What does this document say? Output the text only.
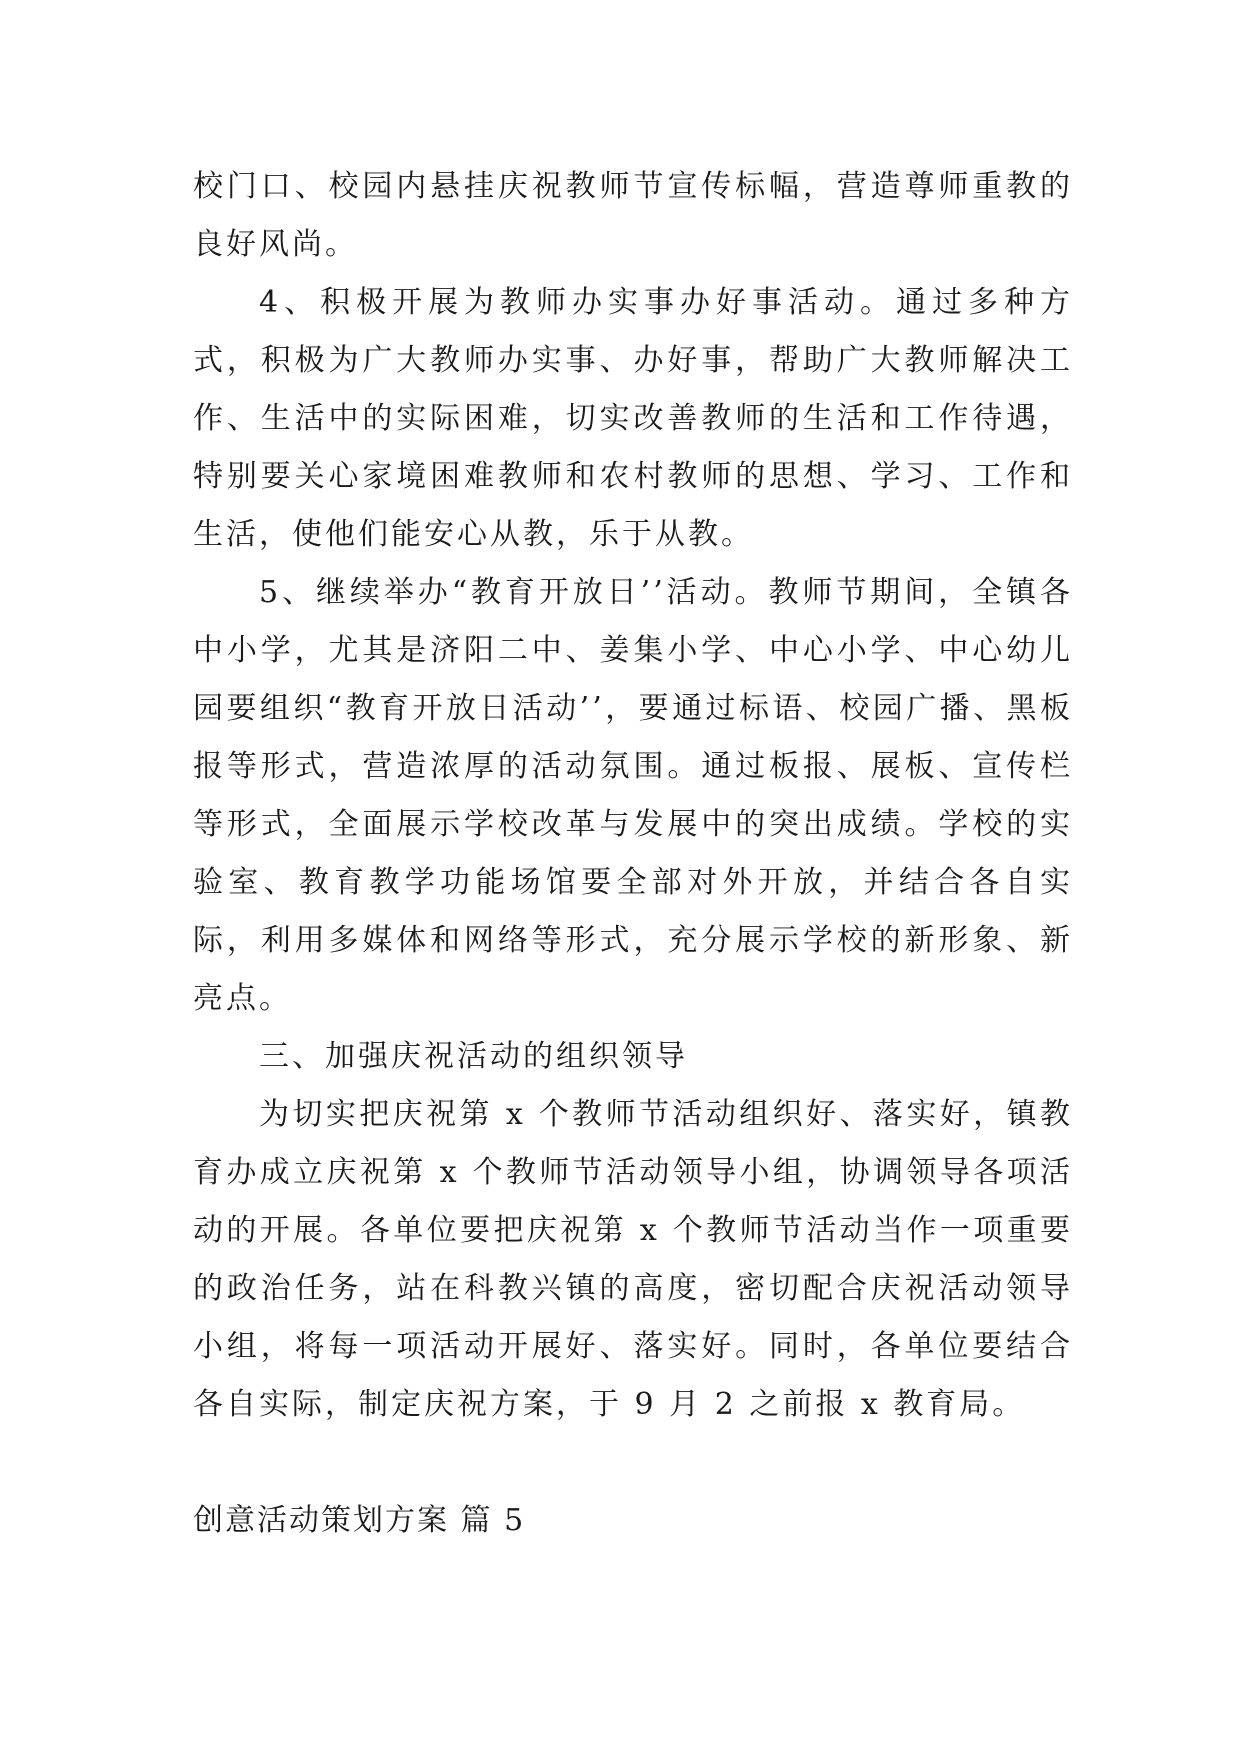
校门口、校园内悬挂庆祝教师节宣传标幅，营造尊师重教的良好风尚。

4、积极开展为教师办实事办好事活动。通过多种方式，积极为广大教师办实事、办好事，帮助广大教师解决工作、生活中的实际困难，切实改善教师的生活和工作待遇，特别要关心家境困难教师和农村教师的思想、学习、工作和生活，使他们能安心从教，乐于从教。

5、继续举办“教育开放日’’活动。教师节期间，全镇各中小学，尤其是济阳二中、姜集小学、中心小学、中心幼儿园要组织“教育开放日活动’’，要通过标语、校园广播、黑板报等形式，营造浓厚的活动氛围。通过板报、展板、宣传栏等形式，全面展示学校改革与发展中的突出成绩。学校的实验室、教育教学功能场馆要全部对外开放，并结合各自实际，利用多媒体和网络等形式，充分展示学校的新形象、新亮点。

三、加强庆祝活动的组织领导

为切实把庆祝第 x 个教师节活动组织好、落实好，镇教育办成立庆祝第 x 个教师节活动领导小组，协调领导各项活动的开展。各单位要把庆祝第 x 个教师节活动当作一项重要的政治任务，站在科教兴镇的高度，密切配合庆祝活动领导小组，将每一项活动开展好、落实好。同时，各单位要结合各自实际，制定庆祝方案，于 9 月 2 之前报 x 教育局。

创意活动策划方案 篇 5
